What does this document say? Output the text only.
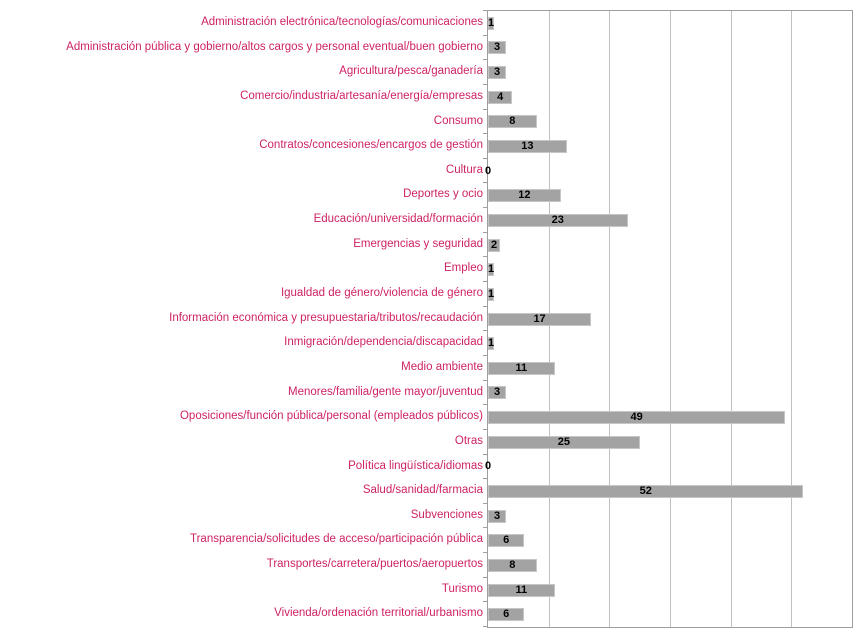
Administración electrónica/tecnologías/comunicaciones
Administración pública y gobierno/altos cargos y personal eventual/buen gobierno
Agricultura/pesca/ganadería
Comercio/industria/artesanía/energía/empresas
Consumo
Contratos/concesiones/encargos de gestión
Cultura
Deportes y ocio
Educación/universidad/formación
Emergencias y seguridad
Empleo
Igualdad de género/violencia de género
Información económica y presupuestaria/tributos/recaudación
Inmigración/dependencia/discapacidad
Medio ambiente
Menores/familia/gente mayor/juventud
Oposiciones/función pública/personal (empleados públicos)
Otras
Política lingüística/idiomas
Salud/sanidad/farmacia
Subvenciones
Transparencia/solicitudes de acceso/participación pública
Transportes/carretera/puertos/aeropuertos
Turismo
Vivienda/ordenación territorial/urbanismo
1
3
3
4
8
13
0
12
23
2
1
1
17
1
11
3
49
25
0
52
3
6
8
11
6
